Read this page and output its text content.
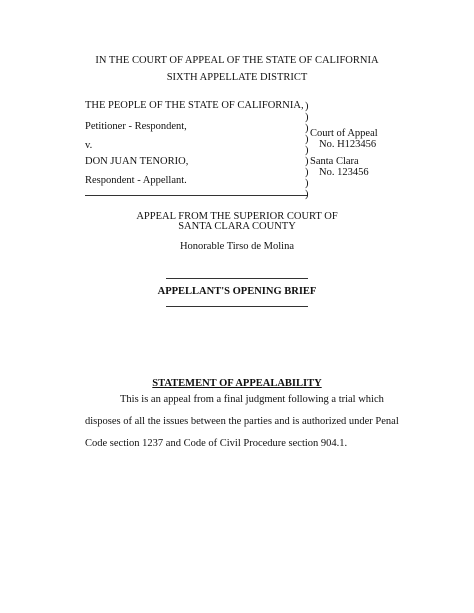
IN THE COURT OF APPEAL OF THE STATE OF CALIFORNIA
SIXTH APPELLATE DISTRICT
THE PEOPLE OF THE STATE OF CALIFORNIA,
Petitioner - Respondent,
v.
DON JUAN TENORIO,
Respondent - Appellant.
)
)
)
)
)
)
)
)
)
Court of Appeal
No. H123456
Santa Clara
No. 123456
APPEAL FROM THE SUPERIOR COURT OF
SANTA CLARA COUNTY
Honorable Tirso de Molina
APPELLANT'S OPENING BRIEF
STATEMENT OF APPEALABILITY
This is an appeal from a final judgment following a trial which
disposes of all the issues between the parties and is authorized under Penal
Code section 1237 and Code of Civil Procedure section 904.1.
